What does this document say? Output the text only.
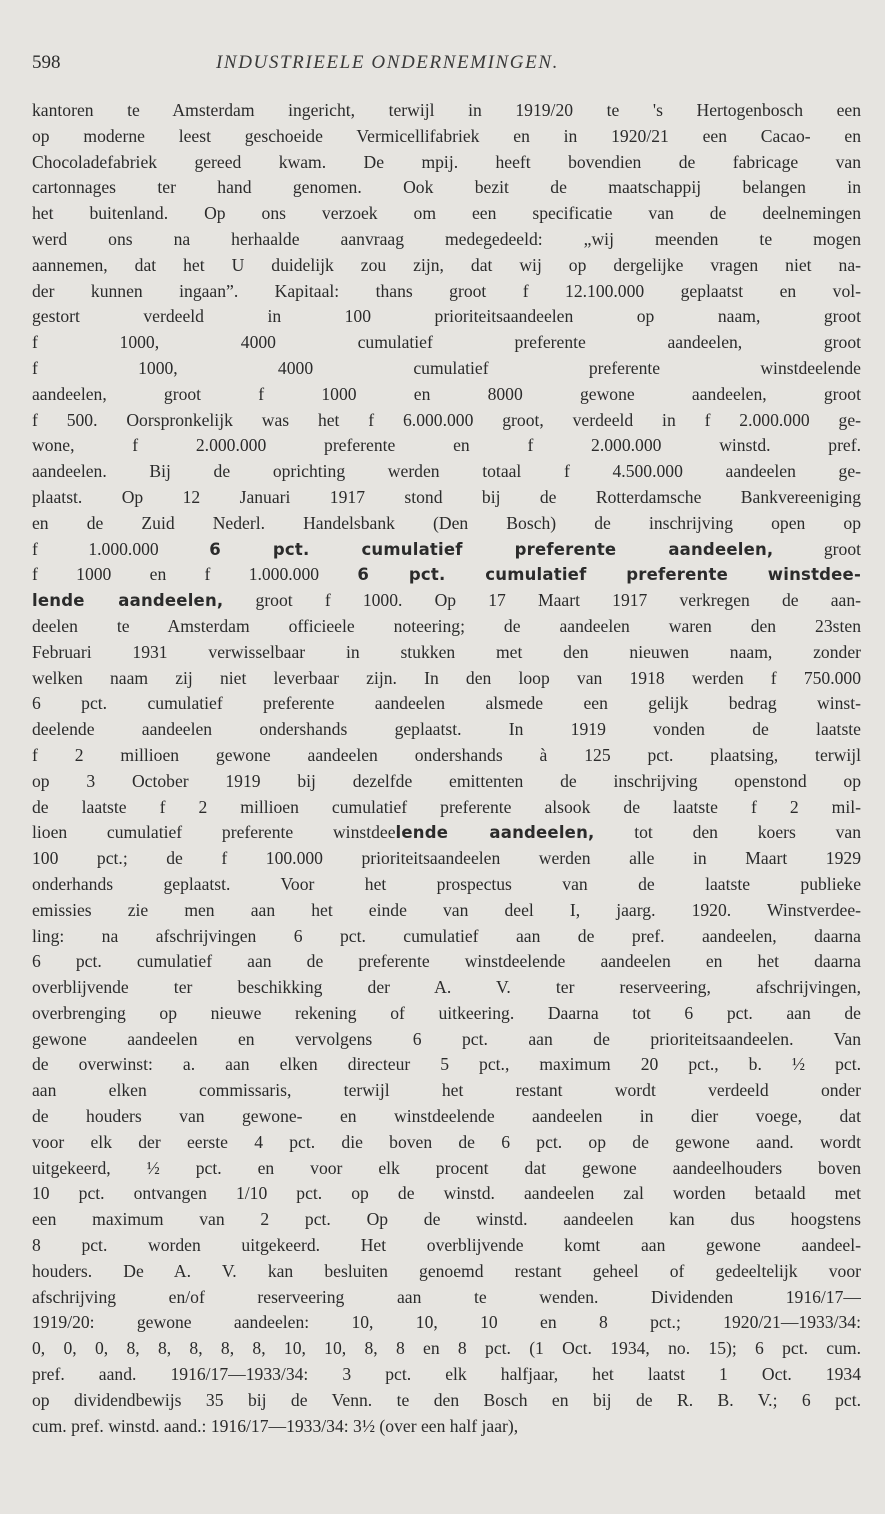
598	INDUSTRIEELE ONDERNEMINGEN.
kantoren te Amsterdam ingericht, terwijl in 1919/20 te 's Hertogenbosch een
op moderne leest geschoeide Vermicellifabriek en in 1920/21 een Cacao- en
Chocoladefabriek gereed kwam. De mpij. heeft bovendien de fabricage van
cartonnages ter hand genomen. Ook bezit de maatschappij belangen in
het buitenland. Op ons verzoek om een specificatie van de deelnemingen
werd ons na herhaalde aanvraag medegedeeld: „wij meenden te mogen
aannemen, dat het U duidelijk zou zijn, dat wij op dergelijke vragen niet na-
der kunnen ingaan”. Kapitaal: thans groot f 12.100.000 geplaatst en vol-
gestort verdeeld in 100 prioriteitsaandeelen op naam, groot
f 1000, 4000 cumulatief preferente aandeelen, groot
f 1000, 4000 cumulatief preferente winstdeelende
aandeelen, groot f 1000 en 8000 gewone aandeelen, groot
f 500. Oorspronkelijk was het f 6.000.000 groot, verdeeld in f 2.000.000 ge-
wone, f 2.000.000 preferente en f 2.000.000 winstd. pref.
aandeelen. Bij de oprichting werden totaal f 4.500.000 aandeelen ge-
plaatst. Op 12 Januari 1917 stond bij de Rotterdamsche Bankvereeniging
en de Zuid Nederl. Handelsbank (Den Bosch) de inschrijving open op
f 1.000.000 6 pct. cumulatief preferente aandeelen, groot
f 1000 en f 1.000.000 6 pct. cumulatief preferente winstdee-
lende aandeelen, groot f 1000. Op 17 Maart 1917 verkregen de aan-
deelen te Amsterdam officieele noteering; de aandeelen waren den 23sten
Februari 1931 verwisselbaar in stukken met den nieuwen naam, zonder
welken naam zij niet leverbaar zijn. In den loop van 1918 werden f 750.000
6 pct. cumulatief preferente aandeelen alsmede een gelijk bedrag winst-
deelende aandeelen ondershands geplaatst. In 1919 vonden de laatste
f 2 millioen gewone aandeelen ondershands à 125 pct. plaatsing, terwijl
op 3 October 1919 bij dezelfde emittenten de inschrijving openstond op
de laatste f 2 millioen cumulatief preferente alsook de laatste f 2 mil-
lioen cumulatief preferente winstdeelende aandeelen, tot den koers van
100 pct.; de f 100.000 prioriteitsaandeelen werden alle in Maart 1929
onderhands geplaatst. Voor het prospectus van de laatste publieke
emissies zie men aan het einde van deel I, jaarg. 1920. Winstverdee-
ling: na afschrijvingen 6 pct. cumulatief aan de pref. aandeelen, daarna
6 pct. cumulatief aan de preferente winstdeelende aandeelen en het daarna
overblijvende ter beschikking der A. V. ter reserveering, afschrijvingen,
overbrenging op nieuwe rekening of uitkeering. Daarna tot 6 pct. aan de
gewone aandeelen en vervolgens 6 pct. aan de prioriteitsaandeelen. Van
de overwinst: a. aan elken directeur 5 pct., maximum 20 pct., b. ½ pct.
aan elken commissaris, terwijl het restant wordt verdeeld onder
de houders van gewone- en winstdeelende aandeelen in dier voege, dat
voor elk der eerste 4 pct. die boven de 6 pct. op de gewone aand. wordt
uitgekeerd, ½ pct. en voor elk procent dat gewone aandeelhouders boven
10 pct. ontvangen 1/10 pct. op de winstd. aandeelen zal worden betaald met
een maximum van 2 pct. Op de winstd. aandeelen kan dus hoogstens
8 pct. worden uitgekeerd. Het overblijvende komt aan gewone aandeel-
houders. De A. V. kan besluiten genoemd restant geheel of gedeeltelijk voor
afschrijving en/of reserveering aan te wenden. Dividenden 1916/17—
1919/20: gewone aandeelen: 10, 10, 10 en 8 pct.; 1920/21—1933/34:
0, 0, 0, 8, 8, 8, 8, 8, 10, 10, 8, 8 en 8 pct. (1 Oct. 1934, no. 15); 6 pct. cum.
pref. aand. 1916/17—1933/34: 3 pct. elk halfjaar, het laatst 1 Oct. 1934
op dividendbewijs 35 bij de Venn. te den Bosch en bij de R. B. V.; 6 pct.
cum. pref. winstd. aand.: 1916/17—1933/34: 3½ (over een half jaar),
